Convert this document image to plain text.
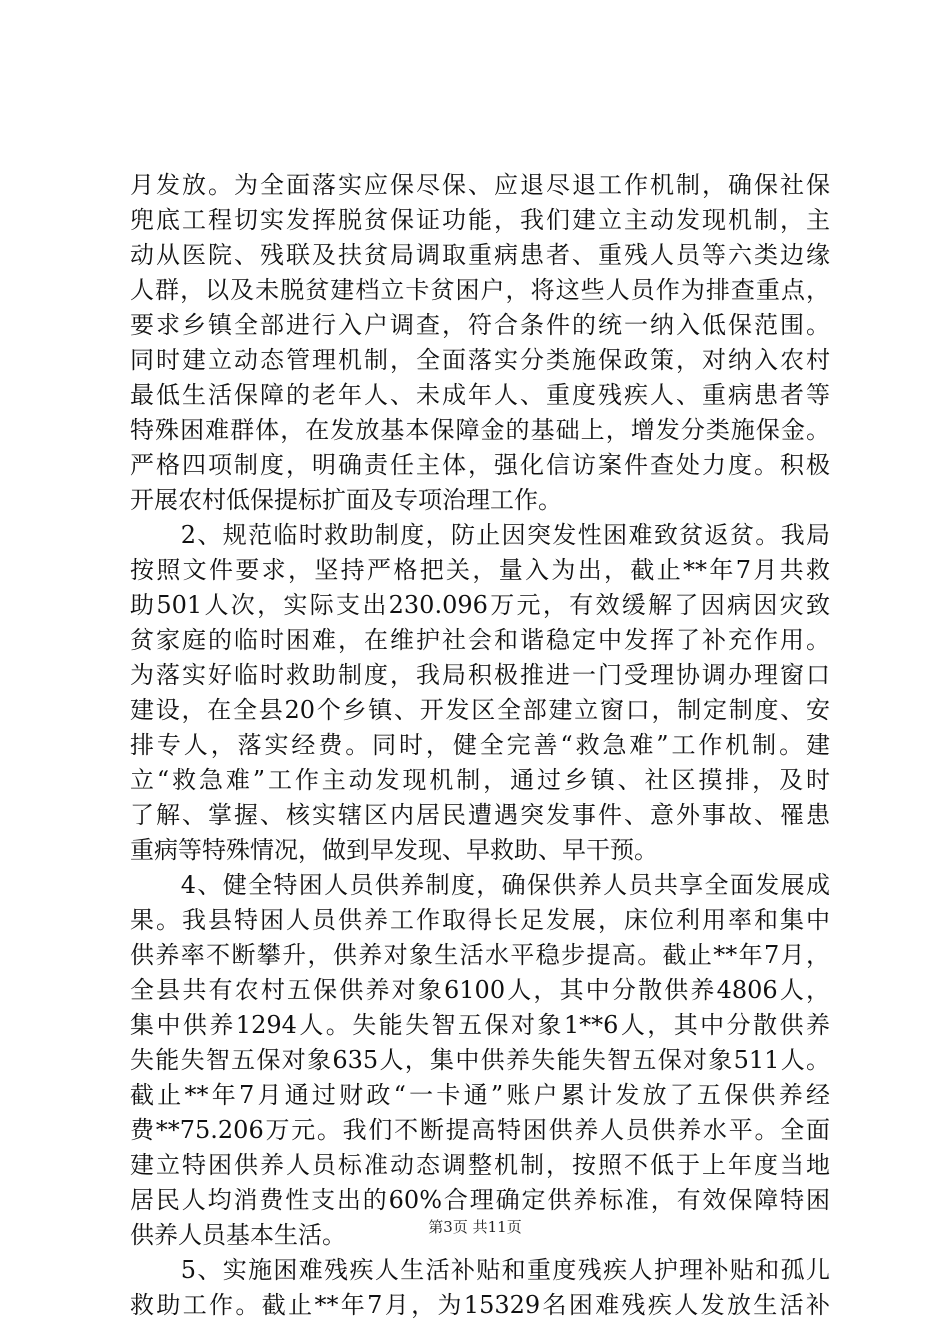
月发放。为全面落实应保尽保、应退尽退工作机制，确保社保
兜底工程切实发挥脱贫保证功能，我们建立主动发现机制，主
动从医院、残联及扶贫局调取重病患者、重残人员等六类边缘
人群，以及未脱贫建档立卡贫困户，将这些人员作为排查重点，
要求乡镇全部进行入户调查，符合条件的统一纳入低保范围。
同时建立动态管理机制，全面落实分类施保政策，对纳入农村
最低生活保障的老年人、未成年人、重度残疾人、重病患者等
特殊困难群体，在发放基本保障金的基础上，增发分类施保金。
严格四项制度，明确责任主体，强化信访案件查处力度。积极
开展农村低保提标扩面及专项治理工作。
　　2、规范临时救助制度，防止因突发性困难致贫返贫。我局
按照文件要求，坚持严格把关，量入为出，截止**年7月共救
助501人次，实际支出230.096万元，有效缓解了因病因灾致
贫家庭的临时困难，在维护社会和谐稳定中发挥了补充作用。
为落实好临时救助制度，我局积极推进一门受理协调办理窗口
建设，在全县20个乡镇、开发区全部建立窗口，制定制度、安
排专人，落实经费。同时，健全完善“救急难”工作机制。建
立“救急难”工作主动发现机制，通过乡镇、社区摸排，及时
了解、掌握、核实辖区内居民遭遇突发事件、意外事故、罹患
重病等特殊情况，做到早发现、早救助、早干预。
　　4、健全特困人员供养制度，确保供养人员共享全面发展成
果。我县特困人员供养工作取得长足发展，床位利用率和集中
供养率不断攀升，供养对象生活水平稳步提高。截止**年7月，
全县共有农村五保供养对象6100人，其中分散供养4806人，
集中供养1294人。失能失智五保对象1**6人，其中分散供养
失能失智五保对象635人，集中供养失能失智五保对象511人。
截止**年7月通过财政“一卡通”账户累计发放了五保供养经
费**75.206万元。我们不断提高特困供养人员供养水平。全面
建立特困供养人员标准动态调整机制，按照不低于上年度当地
居民人均消费性支出的60%合理确定供养标准，有效保障特困
供养人员基本生活。
　　5、实施困难残疾人生活补贴和重度残疾人护理补贴和孤儿
救助工作。截止**年7月，为15329名困难残疾人发放生活补
第3页 共11页
